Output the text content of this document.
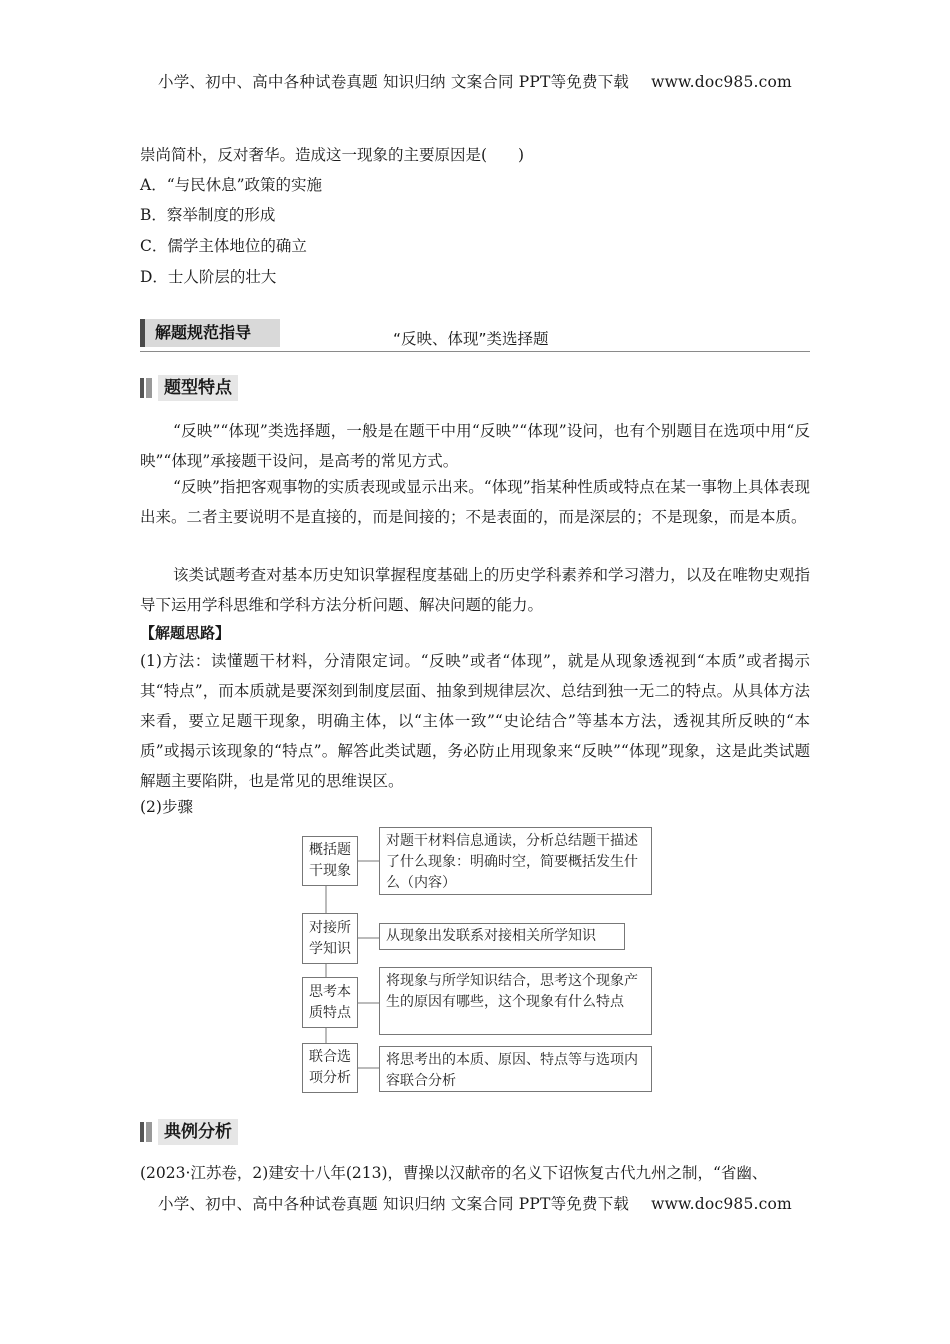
小学、初中、高中各种试卷真题 知识归纳 文案合同 PPT等免费下载 www.doc985.com
崇尚简朴，反对奢华。造成这一现象的主要原因是(　　)
A．“与民休息”政策的实施
B．察举制度的形成
C．儒学主体地位的确立
D．士人阶层的壮大
解题规范指导	“反映、体现”类选择题
题型特点
“反映”“体现”类选择题，一般是在题干中用“反映”“体现”设问，也有个别题目在选项中用“反映”“体现”承接题干设问，是高考的常见方式。
“反映”指把客观事物的实质表现或显示出来。“体现”指某种性质或特点在某一事物上具体表现出来。二者主要说明不是直接的，而是间接的；不是表面的，而是深层的；不是现象，而是本质。
该类试题考查对基本历史知识掌握程度基础上的历史学科素养和学习潜力，以及在唯物史观指导下运用学科思维和学科方法分析问题、解决问题的能力。
【解题思路】
(1)方法：读懂题干材料，分清限定词。“反映”或者“体现”，就是从现象透视到“本质”或者揭示其“特点”，而本质就是要深刻到制度层面、抽象到规律层次、总结到独一无二的特点。从具体方法来看，要立足题干现象，明确主体，以“主体一致”“史论结合”等基本方法，透视其所反映的“本质”或揭示该现象的“特点”。解答此类试题，务必防止用现象来“反映”“体现”现象，这是此类试题解题主要陷阱，也是常见的思维误区。
(2)步骤
概括题干现象
对接所学知识
思考本质特点
联合选项分析
对题干材料信息通读，分析总结题干描述了什么现象：明确时空，简要概括发生什么（内容）
从现象出发联系对接相关所学知识
将现象与所学知识结合，思考这个现象产生的原因有哪些，这个现象有什么特点
将思考出的本质、原因、特点等与选项内容联合分析
典例分析
(2023·江苏卷，2)建安十八年(213)，曹操以汉献帝的名义下诏恢复古代九州之制，“省幽、
小学、初中、高中各种试卷真题 知识归纳 文案合同 PPT等免费下载 www.doc985.com
